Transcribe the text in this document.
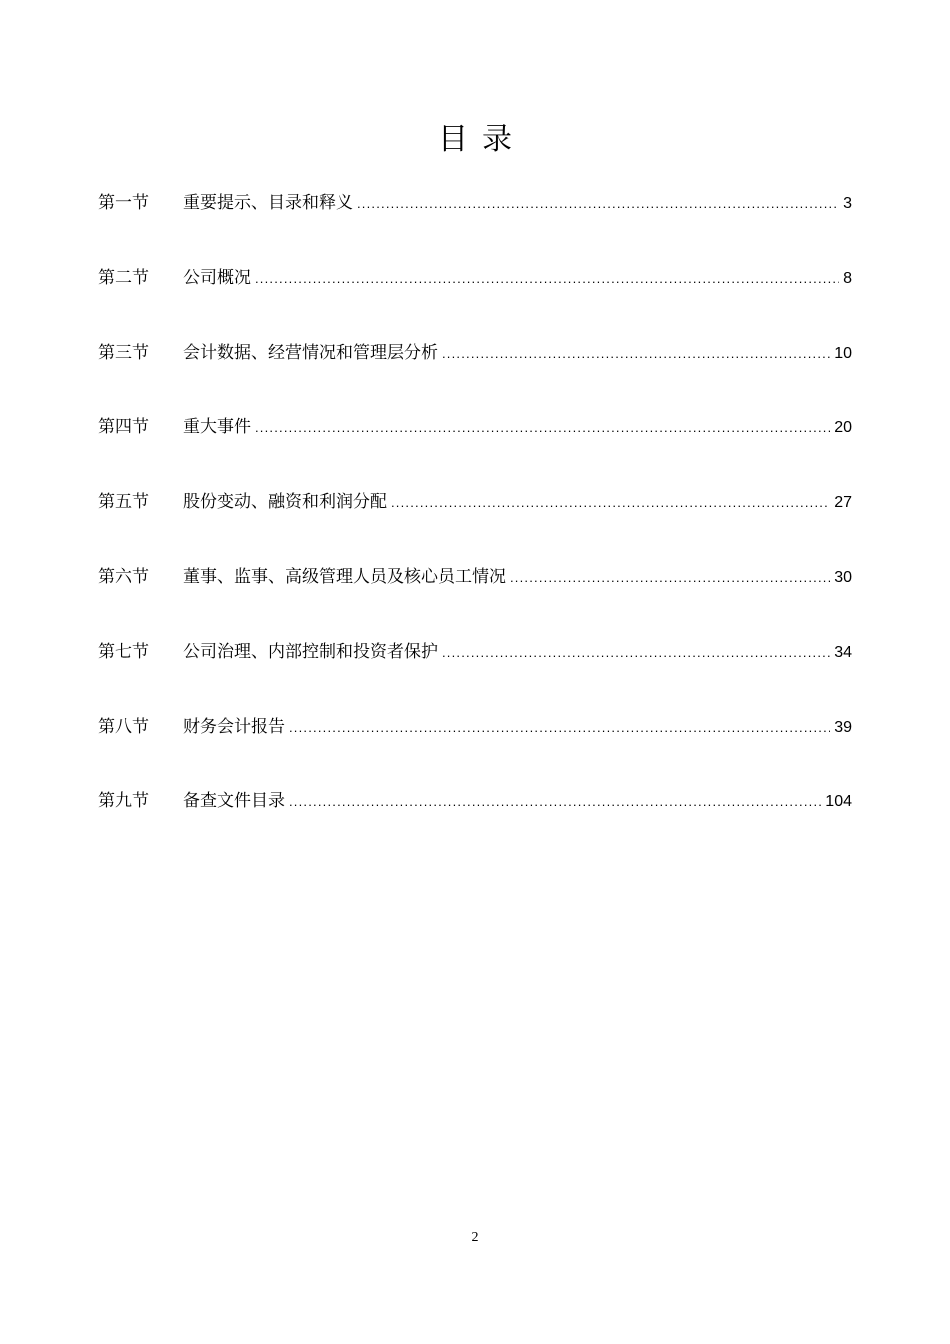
目录
第一节	重要提示、目录和释义 .....	3
第二节	公司概况 .....	8
第三节	会计数据、经营情况和管理层分析 .....	10
第四节	重大事件 .....	20
第五节	股份变动、融资和利润分配 .....	27
第六节	董事、监事、高级管理人员及核心员工情况 .....	30
第七节	公司治理、内部控制和投资者保护 .....	34
第八节	财务会计报告 .....	39
第九节	备查文件目录 .....	104
2
